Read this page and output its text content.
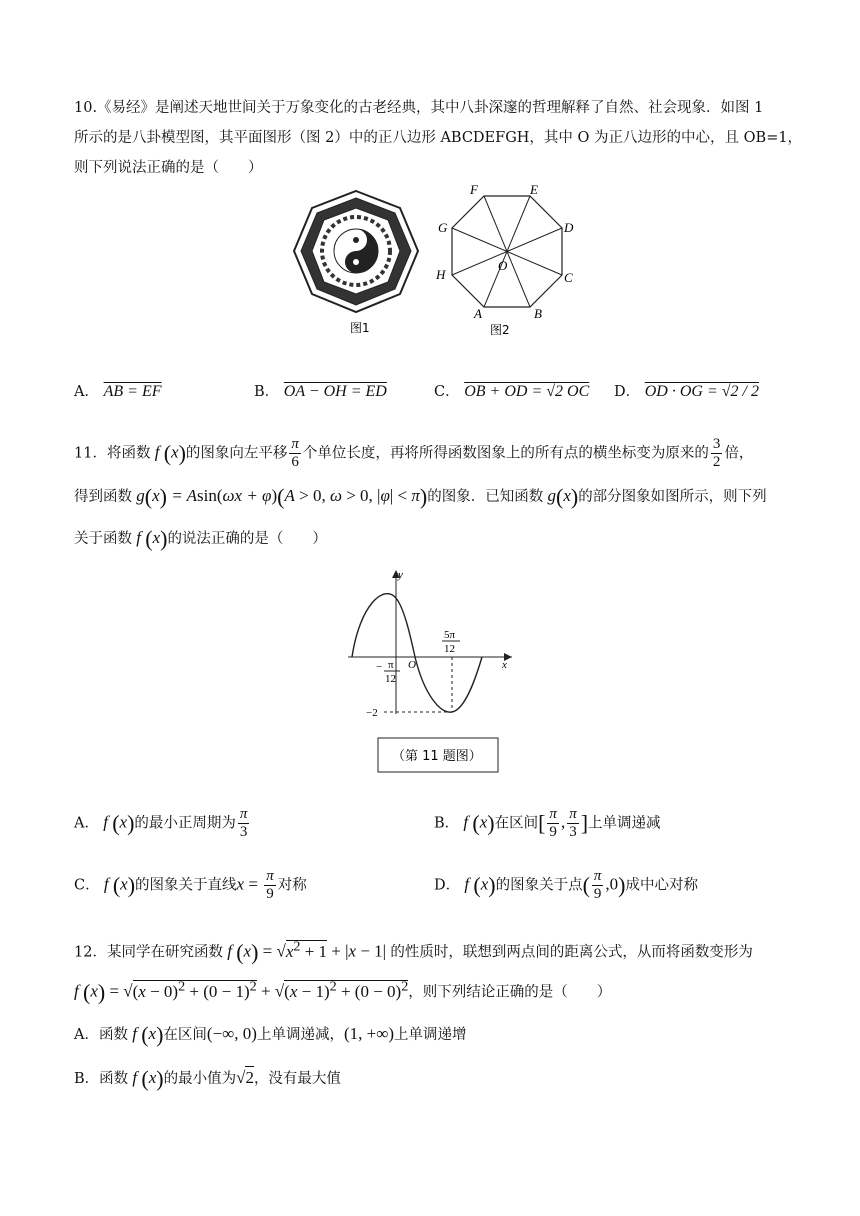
10.《易经》是阐述天地世间关于万象变化的古老经典，其中八卦深邃的哲理解释了自然、社会现象．如图 1
所示的是八卦模型图，其平面图形（图 2）中的正八边形 ABCDEFGH，其中 O 为正八边形的中心，且 OB=1，
则下列说法正确的是（　　）
图1
F	E
G	D
H	C
O
A	B
图2
A． AB = EF	B． OA − OH = ED	C． OB + OD = √2 OC D． OD · OG = √2 / 2
11．将函数 f (x)的图象向左平移 $\frac{\pi}{6}$ 个单位长度，再将所得函数图象上的所有点的横坐标变为原来的 $\frac{3}{2}$ 倍，
得到函数 g(x) = Asin(ωx + φ)(A > 0, ω > 0, |φ| < π)的图象．已知函数 g(x)的部分图象如图所示，则下列
关于函数 f (x)的说法正确的是（　　）
y
x
O
− π
12
5π
12
−2
（第 11 题图）
A． f (x)的最小正周期为 $\frac{\pi}{3}$	B． f (x)在区间[ $\frac{\pi}{9}$ , $\frac{\pi}{3}$ ]上单调递减
C． f (x)的图象关于直线$x = \frac{\pi}{9}$ 对称	D． f (x)的图象关于点( $\frac{\pi}{9} ,0$)成中心对称
12．某同学在研究函数 f $(x) = √x^2 + 1 + |x - 1|$ 的性质时，联想到两点间的距离公式，从而将函数变形为
f $(x) = √(x - 0)^2 + (0 - 1)^2 + √(x - 1)^2 + (0 - 0)^2$，则下列结论正确的是（　　）
A．函数 f (x)在区间(−∞, 0)上单调递减，(1, +∞)上单调递增
B．函数 f (x)的最小值为√2，没有最大值
